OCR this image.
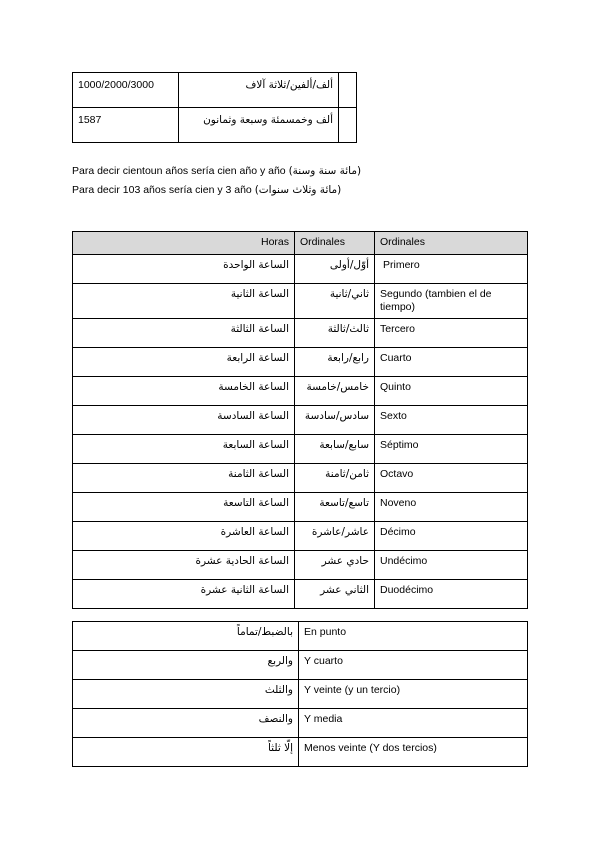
1000/2000/3000	ألف/ألفين/ثلاثة آلاف	
1587	ألف وخمسمئة وسبعة وثمانون	
Para decir cientoun años sería cien año y año (مائة سنة وسنة)
Para decir 103 años sería cien y 3 año (مائة وثلاث سنوات)
Horas	Ordinales	Ordinales
الساعة الواحدة	أوّل/أولى	Primero
الساعة الثانية	ثاني/ثانية	Segundo (tambien el de tiempo)
الساعة الثالثة	ثالث/ثالثة	Tercero
الساعة الرابعة	رابع/رابعة	Cuarto
الساعة الخامسة	خامس/خامسة	Quinto
الساعة السادسة	سادس/سادسة	Sexto
الساعة السابعة	سابع/سابعة	Séptimo
الساعة الثامنة	ثامن/ثامنة	Octavo
الساعة التاسعة	تاسع/تاسعة	Noveno
الساعة العاشرة	عاشر/عاشرة	Décimo
الساعة الحادية عشرة	حادي عشر	Undécimo
الساعة الثانية عشرة	الثاني عشر	Duodécimo
بالضبط/تماماً	En punto
والربع	Y cuarto
والثلث	Y veinte (y un tercio)
والنصف	Y media
إلّا ثلثاً	Menos veinte (Y dos tercios)
